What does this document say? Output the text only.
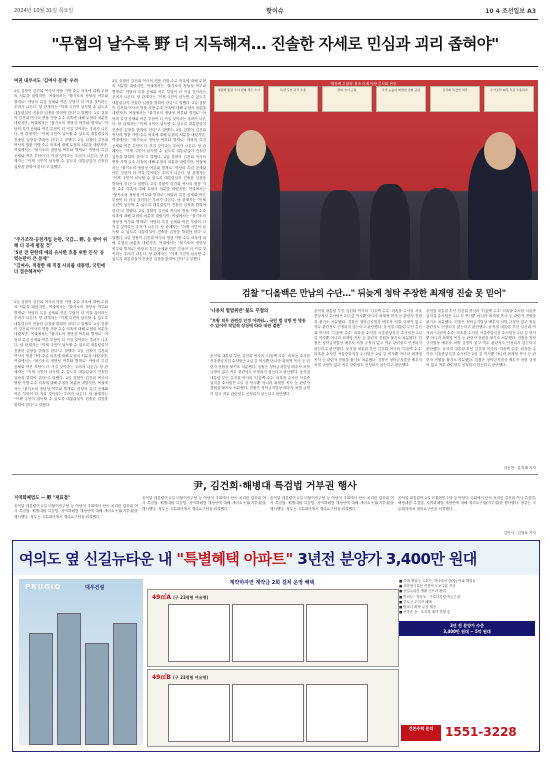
2024년 10월 31일 목요일	핫이슈	10 4 조선일보 A3
"무협의 날수록 野 더 지독해져… 진솔한 자세로 민심과 괴리 좁혀야"
여권 내부서도 '김여사 문제' 우려
2일 검찰이 김건희 여사의 명품 가방 수수 의혹에 대해 무혐의 처분을 내렸지만, 여권에서는 "불기소의 정당성 여부와 별개로" 야당의 특검 공세와 여론 부담이 더 커질 것이라는 우려가 나온다. 당 관계자는 "이제 국민이 납득할 수 있도록 대통령실이 진솔한 입장을 밝혀야 한다"고 말했다. 2일 검찰이 김건희 여사의 명품 가방 수수 의혹에 대해 무혐의 처분을 내렸지만, 여권에서는 "불기소의 정당성 여부와 별개로" 야당의 특검 공세와 여론 부담이 더 커질 것이라는 우려가 나온다. 당 관계자는 "이제 국민이 납득할 수 있도록 대통령실이 진솔한 입장을 밝혀야 한다"고 말했다. 2일 검찰이 김건희 여사의 명품 가방 수수 의혹에 대해 무혐의 처분을 내렸지만, 여권에서는 "불기소의 정당성 여부와 별개로" 야당의 특검 공세와 여론 부담이 더 커질 것이라는 우려가 나온다. 당 관계자는 "이제 국민이 납득할 수 있도록 대통령실이 진솔한 입장을 밝혀야 한다"고 말했다.
"주가조작·공천개입 논란, 국감… 野, 등 방어 위해 더 공세 펼칠 것"
'5년 전 판한테 예와 유사한 호흡 위한 인식' 동력논란이 큰 문제"
"김여사, 적절한 때 직접 사과를 대통령, 국민에 더 겸손해져야"
2일 검찰이 김건희 여사의 명품 가방 수수 의혹에 대해 무혐의 처분을 내렸지만, 여권에서는 "불기소의 정당성 여부와 별개로" 야당의 특검 공세와 여론 부담이 더 커질 것이라는 우려가 나온다. 당 관계자는 "이제 국민이 납득할 수 있도록 대통령실이 진솔한 입장을 밝혀야 한다"고 말했다. 2일 검찰이 김건희 여사의 명품 가방 수수 의혹에 대해 무혐의 처분을 내렸지만, 여권에서는 "불기소의 정당성 여부와 별개로" 야당의 특검 공세와 여론 부담이 더 커질 것이라는 우려가 나온다. 당 관계자는 "이제 국민이 납득할 수 있도록 대통령실이 진솔한 입장을 밝혀야 한다"고 말했다. 2일 검찰이 김건희 여사의 명품 가방 수수 의혹에 대해 무혐의 처분을 내렸지만, 여권에서는 "불기소의 정당성 여부와 별개로" 야당의 특검 공세와 여론 부담이 더 커질 것이라는 우려가 나온다. 당 관계자는 "이제 국민이 납득할 수 있도록 대통령실이 진솔한 입장을 밝혀야 한다"고 말했다. 2일 검찰이 김건희 여사의 명품 가방 수수 의혹에 대해 무혐의 처분을 내렸지만, 여권에서는 "불기소의 정당성 여부와 별개로" 야당의 특검 공세와 여론 부담이 더 커질 것이라는 우려가 나온다. 당 관계자는 "이제 국민이 납득할 수 있도록 대통령실이 진솔한 입장을 밝혀야 한다"고 말했다.
2일 검찰이 김건희 여사의 명품 가방 수수 의혹에 대해 무혐의 처분을 내렸지만, 여권에서는 "불기소의 정당성 여부와 별개로" 야당의 특검 공세와 여론 부담이 더 커질 것이라는 우려가 나온다. 당 관계자는 "이제 국민이 납득할 수 있도록 대통령실이 진솔한 입장을 밝혀야 한다"고 말했다. 2일 검찰이 김건희 여사의 명품 가방 수수 의혹에 대해 무혐의 처분을 내렸지만, 여권에서는 "불기소의 정당성 여부와 별개로" 야당의 특검 공세와 여론 부담이 더 커질 것이라는 우려가 나온다. 당 관계자는 "이제 국민이 납득할 수 있도록 대통령실이 진솔한 입장을 밝혀야 한다"고 말했다. 2일 검찰이 김건희 여사의 명품 가방 수수 의혹에 대해 무혐의 처분을 내렸지만, 여권에서는 "불기소의 정당성 여부와 별개로" 야당의 특검 공세와 여론 부담이 더 커질 것이라는 우려가 나온다. 당 관계자는 "이제 국민이 납득할 수 있도록 대통령실이 진솔한 입장을 밝혀야 한다"고 말했다. 2일 검찰이 김건희 여사의 명품 가방 수수 의혹에 대해 무혐의 처분을 내렸지만, 여권에서는 "불기소의 정당성 여부와 별개로" 야당의 특검 공세와 여론 부담이 더 커질 것이라는 우려가 나온다. 당 관계자는 "이제 국민이 납득할 수 있도록 대통령실이 진솔한 입장을 밝혀야 한다"고 말했다. 2일 검찰이 김건희 여사의 명품 가방 수수 의혹에 대해 무혐의 처분을 내렸지만, 여권에서는 "불기소의 정당성 여부와 별개로" 야당의 특검 공세와 여론 부담이 더 커질 것이라는 우려가 나온다. 당 관계자는 "이제 국민이 납득할 수 있도록 대통령실이 진솔한 입장을 밝혀야 한다"고 말했다. 2일 검찰이 김건희 여사의 명품 가방 수수 의혹에 대해 무혐의 처분을 내렸지만, 여권에서는 "불기소의 정당성 여부와 별개로" 야당의 특검 공세와 여론 부담이 더 커질 것이라는 우려가 나온다. 당 관계자는 "이제 국민이 납득할 수 있도록 대통령실이 진솔한 입장을 밝혀야 한다"고 말했다. 2일 검찰이 김건희 여사의 명품 가방 수수 의혹에 대해 무혐의 처분을 내렸지만, 여권에서는 "불기소의 정당성 여부와 별개로" 야당의 특검 공세와 여론 부담이 더 커질 것이라는 우려가 나온다. 당 관계자는 "이제 국민이 납득할 수 있도록 대통령실이 진솔한 입장을 밝혀야 한다"고 말했다.
'명품백 무혐의' 볼포 어제 야당 긴사회 현장
명품백 종결 수사 편파 축소 수사	특검 도입 즉각 수용	편파 수사 규탄	국민 눈높이 외면한 검찰 규탄	김건희 특검법 처리	주가조작 의혹 특검 수용하라
검찰 "디올백은 만남의 수단…" 뒤늦게 청탁 주장한 최재영 진술 못 믿어"
'나용처 벌법위반' 불도 무혐의
"프랑 직무 관련성 인정 어려워… 국민 법 상방 만 방송 수 있어야 작업적 상징에 따라 내린 결론"
윤석열 대통령 부인 김건희 여사의 '디올백 수수' 의혹을 수사한 서울중앙지검 수사팀은 2일 김 여사뿐 아니라 최재영 목사 등 관련자 전원을 불기소 처분했다. 검찰은 청탁금지법상 배우자 처벌 규정이 없고 직무 관련성도 인정되지 않는다고 판단했다. 윤석열 대통령 부인 김건희 여사의 '디올백 수수' 의혹을 수사한 서울중앙지검 수사팀은 2일 김 여사뿐 아니라 최재영 목사 등 관련자 전원을 불기소 처분했다. 검찰은 청탁금지법상 배우자 처벌 규정이 없고 직무 관련성도 인정되지 않는다고 판단했다.
윤석열 대통령 부인 김건희 여사의 '디올백 수수' 의혹을 수사한 서울중앙지검 수사팀은 2일 김 여사뿐 아니라 최재영 목사 등 관련자 전원을 불기소 처분했다. 검찰은 청탁금지법상 배우자 처벌 규정이 없고 직무 관련성도 인정되지 않는다고 판단했다. 윤석열 대통령 부인 김건희 여사의 '디올백 수수' 의혹을 수사한 서울중앙지검 수사팀은 2일 김 여사뿐 아니라 최재영 목사 등 관련자 전원을 불기소 처분했다. 검찰은 청탁금지법상 배우자 처벌 규정이 없고 직무 관련성도 인정되지 않는다고 판단했다. 윤석열 대통령 부인 김건희 여사의 '디올백 수수' 의혹을 수사한 서울중앙지검 수사팀은 2일 김 여사뿐 아니라 최재영 목사 등 관련자 전원을 불기소 처분했다. 검찰은 청탁금지법상 배우자 처벌 규정이 없고 직무 관련성도 인정되지 않는다고 판단했다.
윤석열 대통령 부인 김건희 여사의 '디올백 수수' 의혹을 수사한 서울중앙지검 수사팀은 2일 김 여사뿐 아니라 최재영 목사 등 관련자 전원을 불기소 처분했다. 검찰은 청탁금지법상 배우자 처벌 규정이 없고 직무 관련성도 인정되지 않는다고 판단했다. 윤석열 대통령 부인 김건희 여사의 '디올백 수수' 의혹을 수사한 서울중앙지검 수사팀은 2일 김 여사뿐 아니라 최재영 목사 등 관련자 전원을 불기소 처분했다. 검찰은 청탁금지법상 배우자 처벌 규정이 없고 직무 관련성도 인정되지 않는다고 판단했다. 윤석열 대통령 부인 김건희 여사의 '디올백 수수' 의혹을 수사한 서울중앙지검 수사팀은 2일 김 여사뿐 아니라 최재영 목사 등 관련자 전원을 불기소 처분했다. 검찰은 청탁금지법상 배우자 처벌 규정이 없고 직무 관련성도 인정되지 않는다고 판단했다.
김동현 · 유지혜 기자
尹, 김건희·해병대 특검법 거부권 행사
지역화폐법도 ― 野 "재표결"
윤석열 대통령이 2일 더불어민주당 등 야당이 국회에서 단독 처리한 김건희 여사 특검법, 해병대원 특검법, 지역화폐법 개정안에 대해 재의요구권(거부권)을 행사했다. 정부는 국무회의에서 재의요구안을 의결했다.
윤석열 대통령이 2일 더불어민주당 등 야당이 국회에서 단독 처리한 김건희 여사 특검법, 해병대원 특검법, 지역화폐법 개정안에 대해 재의요구권(거부권)을 행사했다. 정부는 국무회의에서 재의요구안을 의결했다.
윤석열 대통령이 2일 더불어민주당 등 야당이 국회에서 단독 처리한 김건희 여사 특검법, 해병대원 특검법, 지역화폐법 개정안에 대해 재의요구권(거부권)을 행사했다. 정부는 국무회의에서 재의요구안을 의결했다.
윤석열 대통령이 2일 더불어민주당 등 야당이 국회에서 단독 처리한 김건희 여사 특검법, 해병대원 특검법, 지역화폐법 개정안에 대해 재의요구권(거부권)을 행사했다. 정부는 국무회의에서 재의요구안을 의결했다.
김민서 · 김형표 기자
여의도 옆 신길뉴타운 내 "특별혜택 아파트" 3년전 분양가 3,400만 원대
PRUGIO	대우건설
계약하자면 계약금 2회 걸쳐 운영 혜택
49㎡A (구 23평형 여유형)
49㎡B (구 23평형 여유형)
■ 중대 생업구, 1호기, 하나에서 강(자) 이와 계열로
■ 지하철 7호선 신풍역 도보 2분 거리
■ 신길뉴타운 생활 인프라 완비
■ 여의도 · 영등포 · 구로디지털 직주근접
■ 중도금 무이자 혜택
■ 발코니 확장 무상 제공
■ 선착순 동 · 호지정 계약 진행 중
3년 전 분양가 수준
3,400만 원대 ~ 5억 원대
견본주택 문의 1551-3228
